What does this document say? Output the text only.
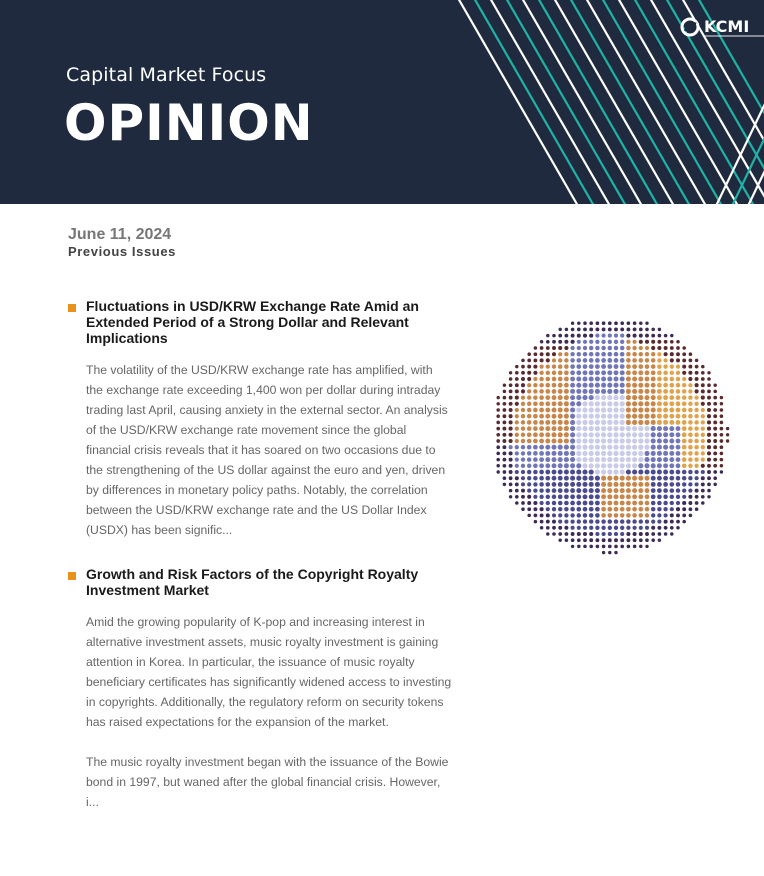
Capital Market Focus
OPINION
KCMI
June 11, 2024
Previous Issues
Fluctuations in USD/KRW Exchange Rate Amid an Extended Period of a Strong Dollar and Relevant Implications

The volatility of the USD/KRW exchange rate has amplified, with the exchange rate exceeding 1,400 won per dollar during intraday trading last April, causing anxiety in the external sector. An analysis of the USD/KRW exchange rate movement since the global financial crisis reveals that it has soared on two occasions due to the strengthening of the US dollar against the euro and yen, driven by differences in monetary policy paths. Notably, the correlation between the USD/KRW exchange rate and the US Dollar Index (USDX) has been signific...

Growth and Risk Factors of the Copyright Royalty Investment Market

Amid the growing popularity of K-pop and increasing interest in alternative investment assets, music royalty investment is gaining attention in Korea. In particular, the issuance of music royalty beneficiary certificates has significantly widened access to investing in copyrights. Additionally, the regulatory reform on security tokens has raised expectations for the expansion of the market.

The music royalty investment began with the issuance of the Bowie bond in 1997, but waned after the global financial crisis. However, i...
